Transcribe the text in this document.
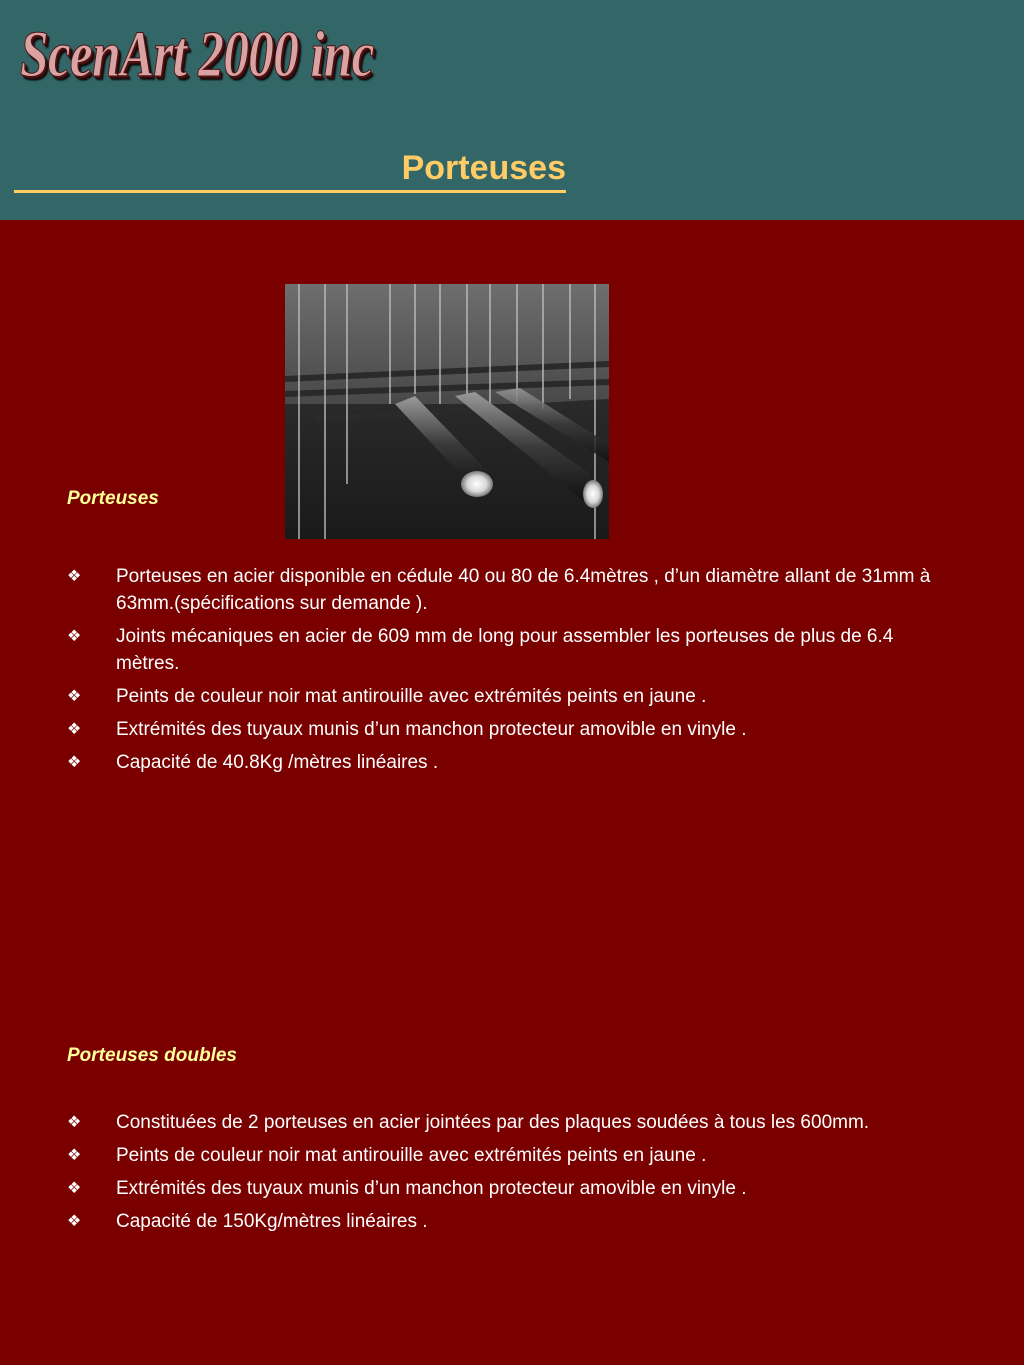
ScenArt 2000 inc
Porteuses
Porteuses
❖ Porteuses en acier disponible en cédule 40 ou 80 de 6.4mètres , d’un diamètre allant de 31mm à 63mm.(spécifications sur demande ).
❖ Joints mécaniques en acier de 609 mm de long pour assembler les porteuses de plus de 6.4 mètres.
❖ Peints de couleur noir mat antirouille avec extrémités peints en jaune .
❖ Extrémités des tuyaux munis d’un manchon protecteur amovible en vinyle .
❖ Capacité de 40.8Kg /mètres linéaires .
Porteuses doubles
❖ Constituées de 2 porteuses en acier jointées par des plaques soudées à tous les 600mm.
❖ Peints de couleur noir mat antirouille avec extrémités peints en jaune .
❖ Extrémités des tuyaux munis d’un manchon protecteur amovible en vinyle .
❖ Capacité de 150Kg/mètres linéaires .
